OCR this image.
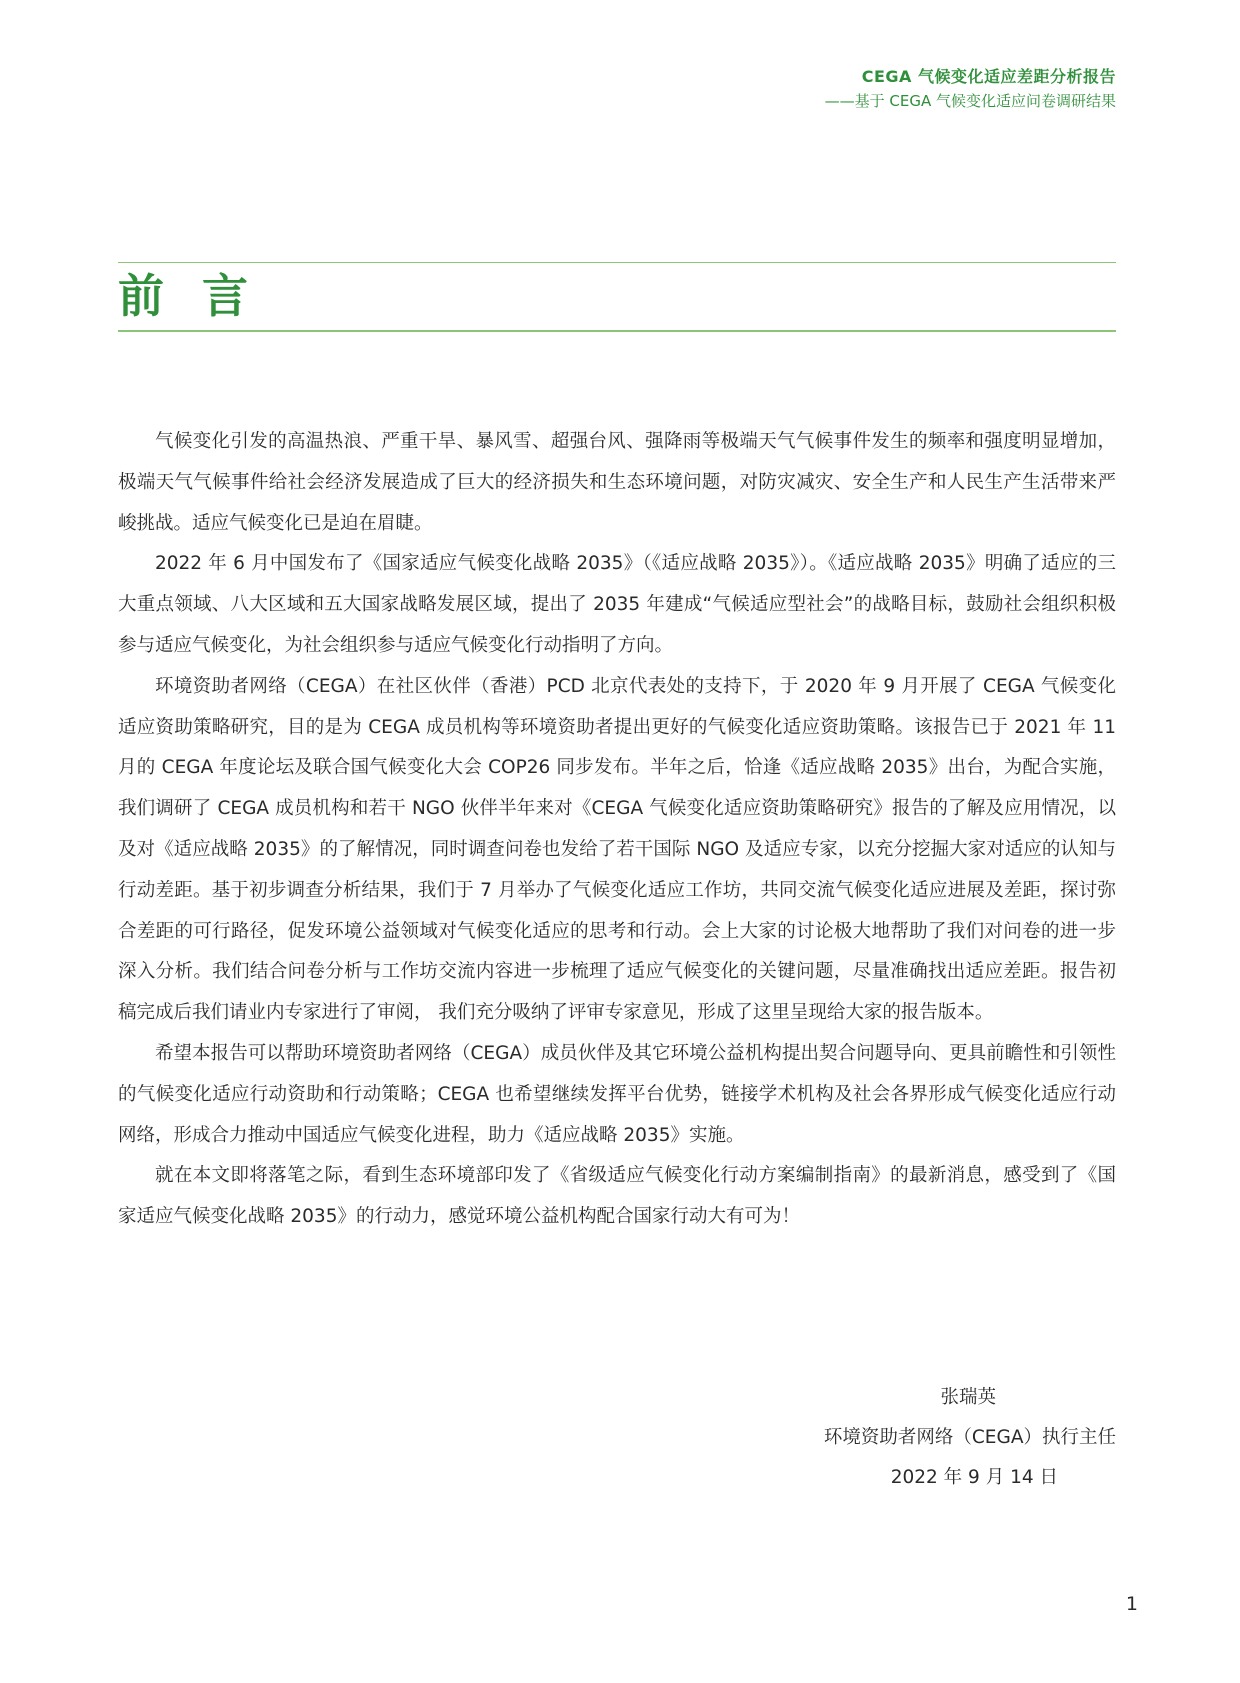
CEGA 气候变化适应差距分析报告
——基于 CEGA 气候变化适应问卷调研结果
前言

气候变化引发的高温热浪、严重干旱、暴风雪、超强台风、强降雨等极端天气气候事件发生的频率和强度明显增加，极端天气气候事件给社会经济发展造成了巨大的经济损失和生态环境问题，对防灾减灾、安全生产和人民生产生活带来严峻挑战。适应气候变化已是迫在眉睫。

2022 年 6 月中国发布了《国家适应气候变化战略 2035》（《适应战略 2035》）。《适应战略 2035》明确了适应的三大重点领域、八大区域和五大国家战略发展区域，提出了 2035 年建成“气候适应型社会”的战略目标，鼓励社会组织积极参与适应气候变化，为社会组织参与适应气候变化行动指明了方向。

环境资助者网络（CEGA）在社区伙伴（香港）PCD 北京代表处的支持下，于 2020 年 9 月开展了 CEGA 气候变化适应资助策略研究，目的是为 CEGA 成员机构等环境资助者提出更好的气候变化适应资助策略。该报告已于 2021 年 11 月的 CEGA 年度论坛及联合国气候变化大会 COP26 同步发布。半年之后，恰逢《适应战略 2035》出台，为配合实施，我们调研了 CEGA 成员机构和若干 NGO 伙伴半年来对《CEGA 气候变化适应资助策略研究》报告的了解及应用情况，以及对《适应战略 2035》的了解情况，同时调查问卷也发给了若干国际 NGO 及适应专家，以充分挖掘大家对适应的认知与行动差距。基于初步调查分析结果，我们于 7 月举办了气候变化适应工作坊，共同交流气候变化适应进展及差距，探讨弥合差距的可行路径，促发环境公益领域对气候变化适应的思考和行动。会上大家的讨论极大地帮助了我们对问卷的进一步深入分析。我们结合问卷分析与工作坊交流内容进一步梳理了适应气候变化的关键问题，尽量准确找出适应差距。报告初稿完成后我们请业内专家进行了审阅， 我们充分吸纳了评审专家意见，形成了这里呈现给大家的报告版本。

希望本报告可以帮助环境资助者网络（CEGA）成员伙伴及其它环境公益机构提出契合问题导向、更具前瞻性和引领性的气候变化适应行动资助和行动策略；CEGA 也希望继续发挥平台优势，链接学术机构及社会各界形成气候变化适应行动网络，形成合力推动中国适应气候变化进程，助力《适应战略 2035》实施。

就在本文即将落笔之际，看到生态环境部印发了《省级适应气候变化行动方案编制指南》的最新消息，感受到了《国家适应气候变化战略 2035》的行动力，感觉环境公益机构配合国家行动大有可为！

张瑞英
环境资助者网络（CEGA）执行主任
2022 年 9 月 14 日
1
